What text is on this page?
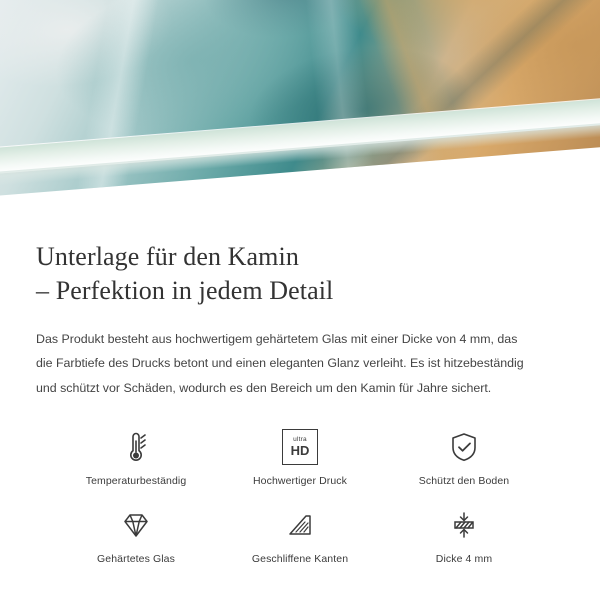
Unterlage für den Kamin
– Perfektion in jedem Detail

Das Produkt besteht aus hochwertigem gehärtetem Glas mit einer Dicke von 4 mm, das die Farbtiefe des Drucks betont und einen eleganten Glanz verleiht. Es ist hitzebeständig und schützt vor Schäden, wodurch es den Bereich um den Kamin für Jahre sichert.

Temperaturbeständig
ultra
HD
Hochwertiger Druck	Schützt den Boden
Gehärtetes Glas	Geschliffene Kanten	Dicke 4 mm
